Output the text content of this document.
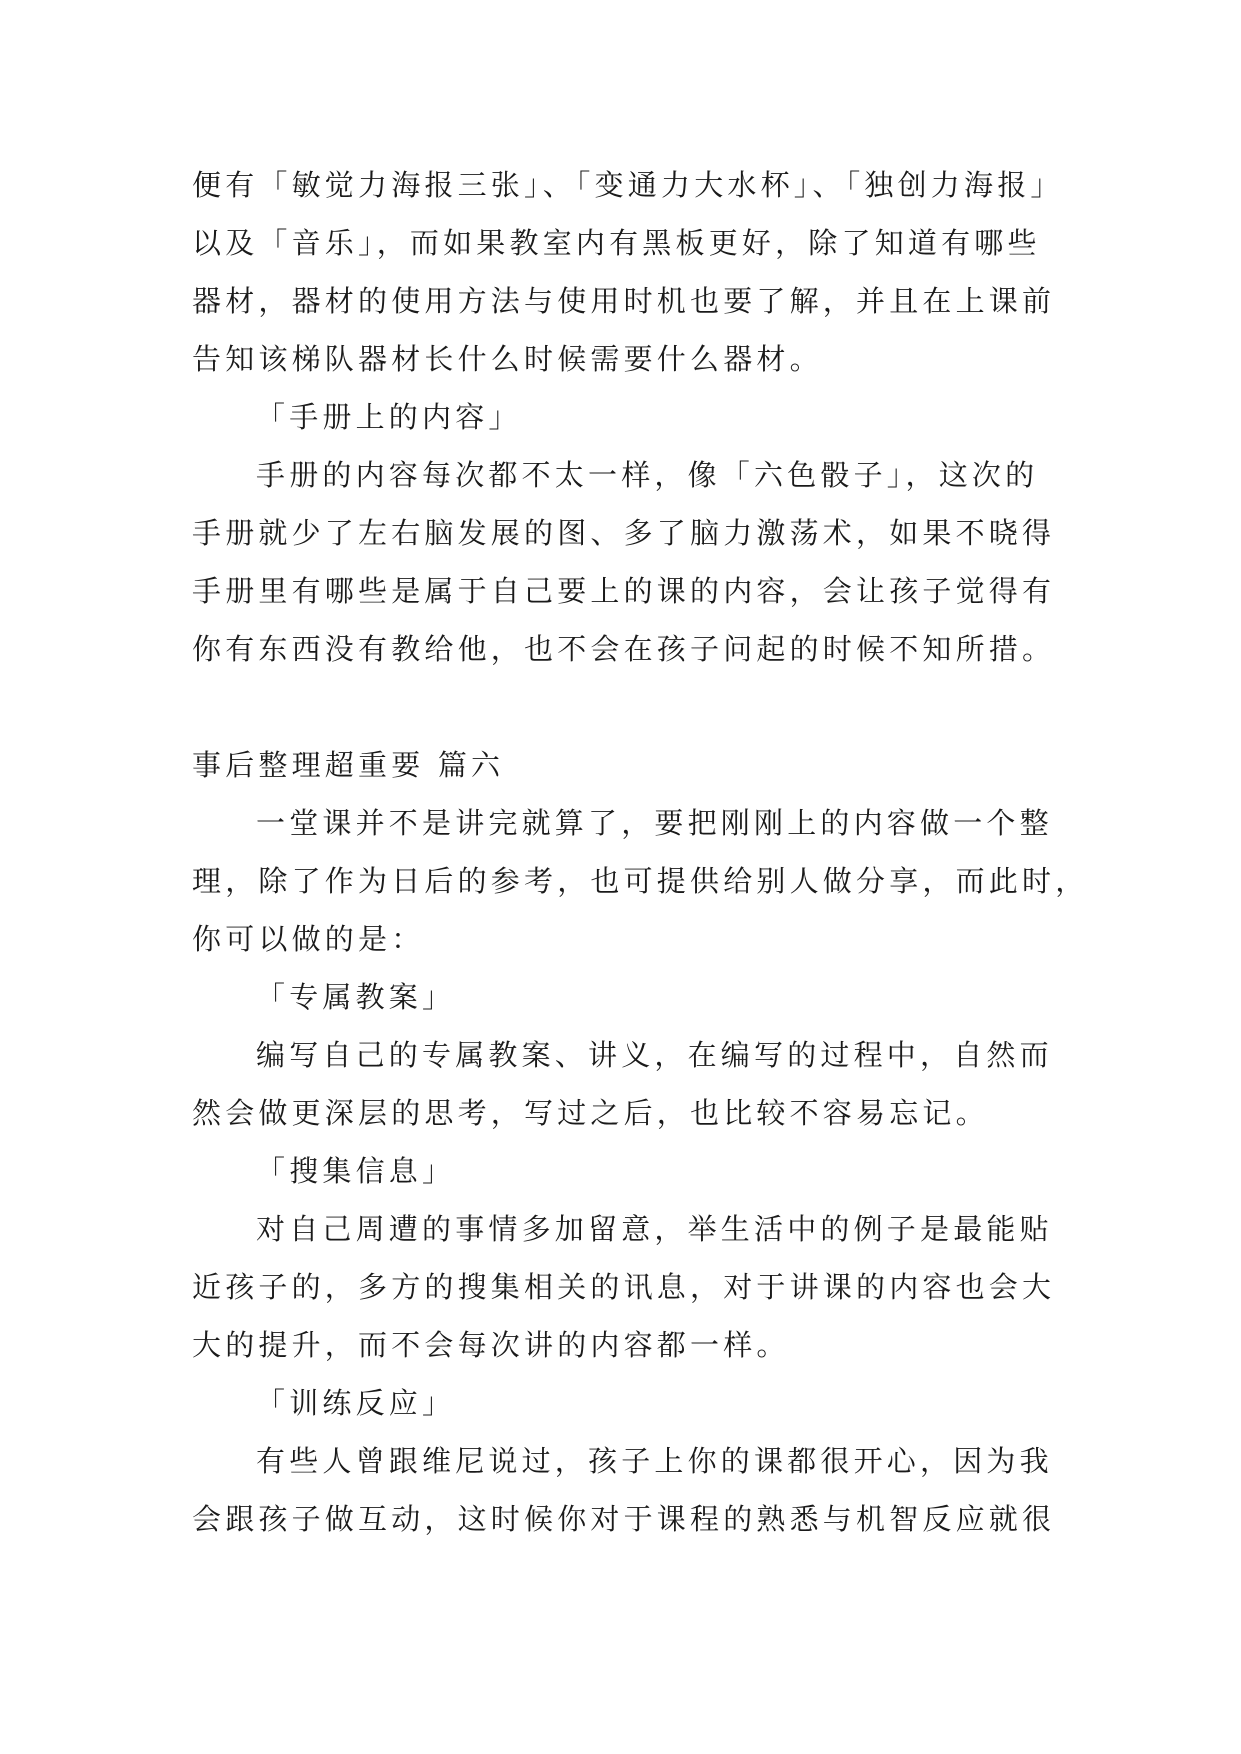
便有「敏觉力海报三张」、「变通力大水杯」、「独创力海报」
以及「音乐」，而如果教室内有黑板更好，除了知道有哪些
器材，器材的使用方法与使用时机也要了解，并且在上课前
告知该梯队器材长什么时候需要什么器材。
「手册上的内容」
手册的内容每次都不太一样，像「六色骰子」，这次的
手册就少了左右脑发展的图、多了脑力激荡术，如果不晓得
手册里有哪些是属于自己要上的课的内容，会让孩子觉得有
你有东西没有教给他，也不会在孩子问起的时候不知所措。
事后整理超重要 篇六
一堂课并不是讲完就算了，要把刚刚上的内容做一个整
理，除了作为日后的参考，也可提供给别人做分享，而此时，
你可以做的是：
「专属教案」
编写自己的专属教案、讲义，在编写的过程中，自然而
然会做更深层的思考，写过之后，也比较不容易忘记。
「搜集信息」
对自己周遭的事情多加留意，举生活中的例子是最能贴
近孩子的，多方的搜集相关的讯息，对于讲课的内容也会大
大的提升，而不会每次讲的内容都一样。
「训练反应」
有些人曾跟维尼说过，孩子上你的课都很开心，因为我
会跟孩子做互动，这时候你对于课程的熟悉与机智反应就很
